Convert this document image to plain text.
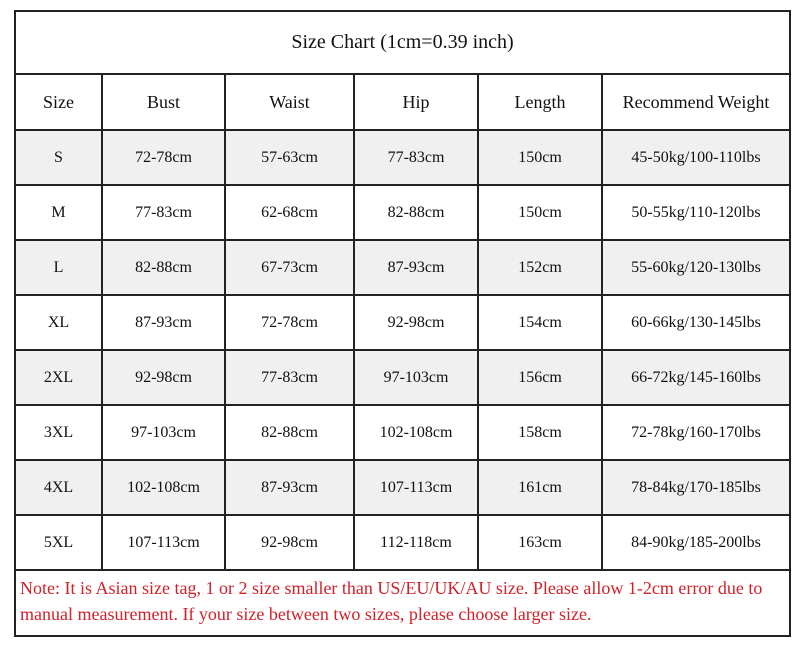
Size Chart (1cm=0.39 inch)					
Size	Bust	Waist	Hip	Length	Recommend Weight
S	72-78cm	57-63cm	77-83cm	150cm	45-50kg/100-110lbs
M	77-83cm	62-68cm	82-88cm	150cm	50-55kg/110-120lbs
L	82-88cm	67-73cm	87-93cm	152cm	55-60kg/120-130lbs
XL	87-93cm	72-78cm	92-98cm	154cm	60-66kg/130-145lbs
2XL	92-98cm	77-83cm	97-103cm	156cm	66-72kg/145-160lbs
3XL	97-103cm	82-88cm	102-108cm	158cm	72-78kg/160-170lbs
4XL	102-108cm	87-93cm	107-113cm	161cm	78-84kg/170-185lbs
5XL	107-113cm	92-98cm	112-118cm	163cm	84-90kg/185-200lbs
Note: It is Asian size tag, 1 or 2 size smaller than US/EU/UK/AU size. Please allow 1-2cm error due to manual measurement. If your size between two sizes, please choose larger size.
